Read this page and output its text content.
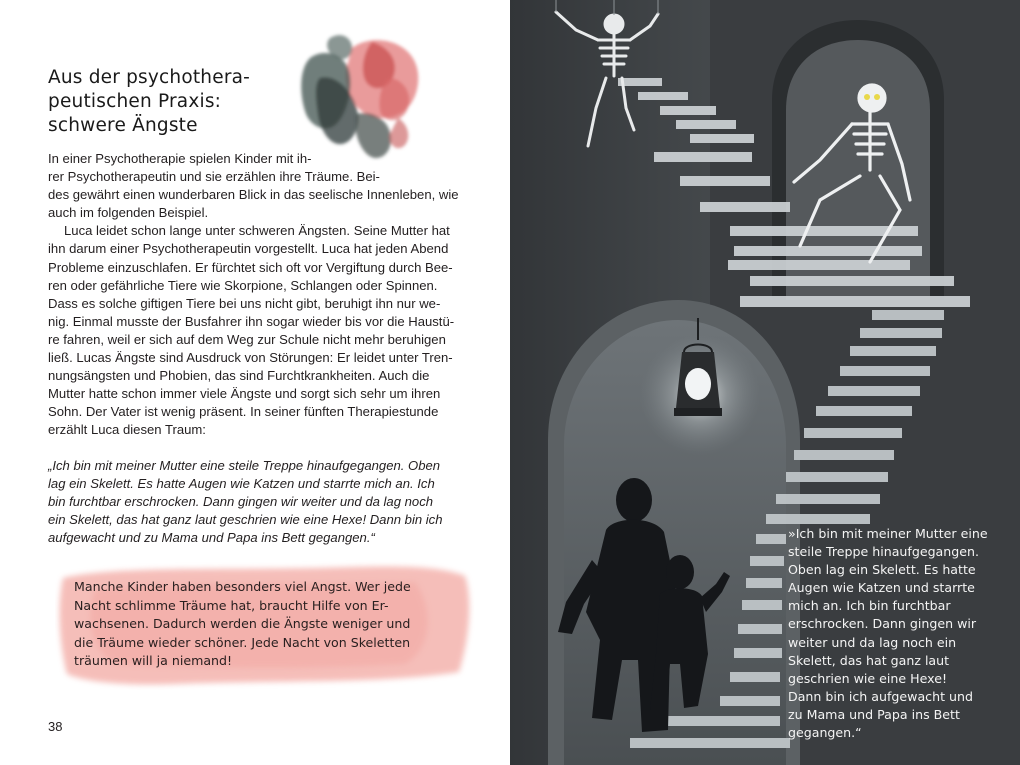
Aus der psychothera-
peutischen Praxis:
schwere Ängste
In einer Psychotherapie spielen Kinder mit ih-
rer Psychotherapeutin und sie erzählen ihre Träume. Bei-
des gewährt einen wunderbaren Blick in das seelische Innenleben, wie
auch im folgenden Beispiel.
Luca leidet schon lange unter schweren Ängsten. Seine Mutter hat
ihn darum einer Psychotherapeutin vorgestellt. Luca hat jeden Abend
Probleme einzuschlafen. Er fürchtet sich oft vor Vergiftung durch Bee-
ren oder gefährliche Tiere wie Skorpione, Schlangen oder Spinnen.
Dass es solche giftigen Tiere bei uns nicht gibt, beruhigt ihn nur we-
nig. Einmal musste der Busfahrer ihn sogar wieder bis vor die Haustü-
re fahren, weil er sich auf dem Weg zur Schule nicht mehr beruhigen
ließ. Lucas Ängste sind Ausdruck von Störungen: Er leidet unter Tren-
nungsängsten und Phobien, das sind Furchtkrankheiten. Auch die
Mutter hatte schon immer viele Ängste und sorgt sich sehr um ihren
Sohn. Der Vater ist wenig präsent. In seiner fünften Therapiestunde
erzählt Luca diesen Traum:
„Ich bin mit meiner Mutter eine steile Treppe hinaufgegangen. Oben
lag ein Skelett. Es hatte Augen wie Katzen und starrte mich an. Ich
bin furchtbar erschrocken. Dann gingen wir weiter und da lag noch
ein Skelett, das hat ganz laut geschrien wie eine Hexe! Dann bin ich
aufgewacht und zu Mama und Papa ins Bett gegangen.“
Manche Kinder haben besonders viel Angst. Wer jede
Nacht schlimme Träume hat, braucht Hilfe von Er-
wachsenen. Dadurch werden die Ängste weniger und
die Träume wieder schöner. Jede Nacht von Skeletten
träumen will ja niemand!
38
»Ich bin mit meiner Mutter eine
steile Treppe hinaufgegangen.
Oben lag ein Skelett. Es hatte
Augen wie Katzen und starrte
mich an. Ich bin furchtbar
erschrocken. Dann gingen wir
weiter und da lag noch ein
Skelett, das hat ganz laut
geschrien wie eine Hexe!
Dann bin ich aufgewacht und
zu Mama und Papa ins Bett
gegangen.“
